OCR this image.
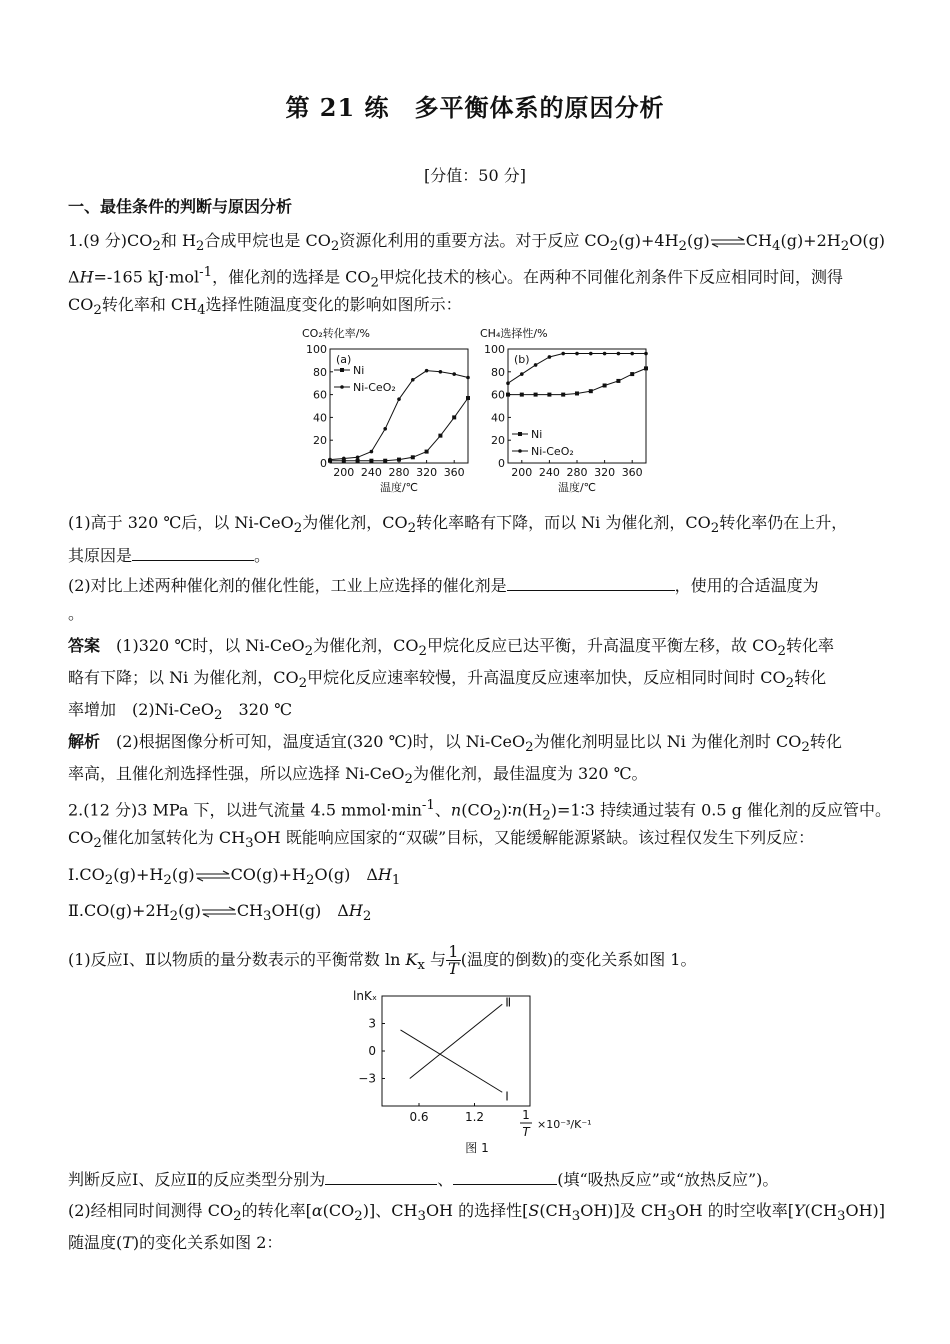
第 21 练　多平衡体系的原因分析
[分值：50 分]
一、最佳条件的判断与原因分析
1.(9 分)$CO_2$和 $H_2$合成甲烷也是 $CO_2$资源化利用的重要方法。对于反应 $CO_2(g)+4H_2(g)\rightleftharpoons CH_4(g)+2H_2O(g)$
ΔH=-165 kJ·mol$^{-1}$，催化剂的选择是 $CO_2$甲烷化技术的核心。在两种不同催化剂条件下反应相同时间，测得
$CO_2$转化率和 $CH_4$选择性随温度变化的影响如图所示：
CO₂转化率/%
0
20
40
60
80
100
200 240 280 320 360
温度/℃
(a)
Ni
Ni-CeO₂
CH₄选择性/%
0
20
40
60
80
100
200 240 280 320 360
温度/℃
(b)
Ni
Ni-CeO₂
(1)高于 320 ℃后，以 Ni-CeO$_2$为催化剂，$CO_2$转化率略有下降，而以 Ni 为催化剂，$CO_2$转化率仍在上升，
其原因是	。
(2)对比上述两种催化剂的催化性能，工业上应选择的催化剂是	，使用的合适温度为
。
答案　 (1)320 ℃时，以 Ni-CeO$_2$为催化剂，$CO_2$甲烷化反应已达平衡，升高温度平衡左移，故 $CO_2$转化率
略有下降；以 Ni 为催化剂，$CO_2$甲烷化反应速率较慢，升高温度反应速率加快，反应相同时间时 $CO_2$转化
率增加　(2)Ni-CeO$_2$　320 ℃
解析　 (2)根据图像分析可知，温度适宜(320 ℃)时，以 Ni-CeO$_2$为催化剂明显比以 Ni 为催化剂时 $CO_2$转化
率高，且催化剂选择性强，所以应选择 Ni-CeO$_2$为催化剂，最佳温度为 320 ℃。
2.(12 分)3 MPa 下，以进气流量 4.5 $mmol\cdot\min^{-1}$、$n(CO_2)∶n(H_2)=1∶3$ 持续通过装有 0.5 g 催化剂的反应管中。
$CO_2$催化加氢转化为 $CH_3OH$ 既能响应国家的“双碳”目标，又能缓解能源紧缺。该过程仅发生下列反应：
$Ⅰ.CO_2(g)+H_2(g)\rightleftharpoons CO(g)+H_2O(g)$　$\Delta H_1$
$Ⅱ.CO(g)+2H_2(g)\rightleftharpoons CH_3OH(g)$　$\Delta H_2$
(1)反应Ⅰ、Ⅱ以物质的量分数表示的平衡常数 $\ln K_x$ 与 $\frac{1}{T}$ (温度的倒数)的变化关系如图 1。
lnKₓ
3
0
−3
0.6	1.2	1
T
×10⁻³/K⁻¹
Ⅱ
Ⅰ
图 1
判断反应Ⅰ、反应Ⅱ的反应类型分别为	、	(填“吸热反应”或“放热反应”)。
(2)经相同时间测得 $CO_2$的转化率$[\alpha(CO_2)]$、$CH_3OH$ 的选择性$[S(CH_3OH)]$及 $CH_3OH$ 的时空收率$[Y(CH_3OH)]$
随温度(T)的变化关系如图 2：
